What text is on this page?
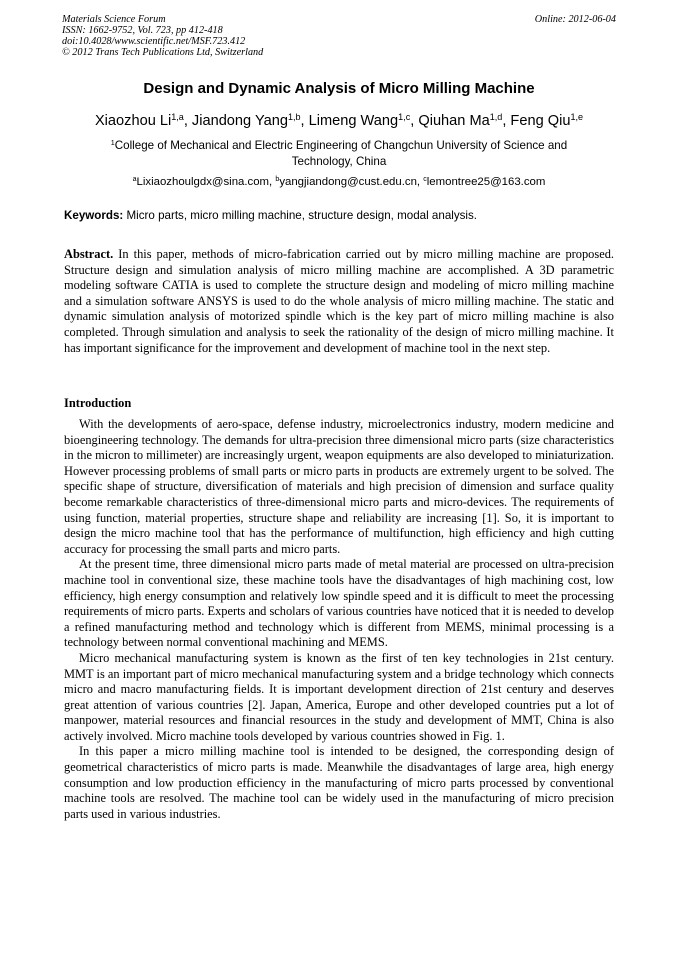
Materials Science Forum
ISSN: 1662-9752, Vol. 723, pp 412-418
doi:10.4028/www.scientific.net/MSF.723.412
© 2012 Trans Tech Publications Ltd, Switzerland
Online: 2012-06-04
Design and Dynamic Analysis of Micro Milling Machine
Xiaozhou Li$^{1,a}$, Jiandong Yang$^{1,b}$, Limeng Wang$^{1,c}$, Qiuhan Ma$^{1,d}$, Feng Qiu$^{1,e}$
$^1$College of Mechanical and Electric Engineering of Changchun University of Science and Technology, China
$^a$Lixiaozhoulgdx@sina.com, $^b$yangjiandong@cust.edu.cn, $^c$lemontree25@163.com
Keywords: Micro parts, micro milling machine, structure design, modal analysis.
Abstract. In this paper, methods of micro-fabrication carried out by micro milling machine are proposed. Structure design and simulation analysis of micro milling machine are accomplished. A 3D parametric modeling software CATIA is used to complete the structure design and modeling of micro milling machine and a simulation software ANSYS is used to do the whole analysis of micro milling machine. The static and dynamic simulation analysis of motorized spindle which is the key part of micro milling machine is also completed. Through simulation and analysis to seek the rationality of the design of micro milling machine. It has important significance for the improvement and development of machine tool in the next step.
Introduction

With the developments of aero-space, defense industry, microelectronics industry, modern medicine and bioengineering technology. The demands for ultra-precision three dimensional micro parts (size characteristics in the micron to millimeter) are increasingly urgent, weapon equipments are also developed to miniaturization. However processing problems of small parts or micro parts in products are extremely urgent to be solved. The specific shape of structure, diversification of materials and high precision of dimension and surface quality become remarkable characteristics of three-dimensional micro parts and micro-devices. The requirements of using function, material properties, structure shape and reliability are increasing [1]. So, it is important to design the micro machine tool that has the performance of multifunction, high efficiency and high cutting accuracy for processing the small parts and micro parts.

At the present time, three dimensional micro parts made of metal material are processed on ultra-precision machine tool in conventional size, these machine tools have the disadvantages of high machining cost, low efficiency, high energy consumption and relatively low spindle speed and it is difficult to meet the processing requirements of micro parts. Experts and scholars of various countries have noticed that it is needed to develop a refined manufacturing method and technology which is different from MEMS, minimal processing is a technology between normal conventional machining and MEMS.

Micro mechanical manufacturing system is known as the first of ten key technologies in 21st century. MMT is an important part of micro mechanical manufacturing system and a bridge technology which connects micro and macro manufacturing fields. It is important development direction of 21st century and deserves great attention of various countries [2]. Japan, America, Europe and other developed countries put a lot of manpower, material resources and financial resources in the study and development of MMT, China is also actively involved. Micro machine tools developed by various countries showed in Fig. 1.

In this paper a micro milling machine tool is intended to be designed, the corresponding design of geometrical characteristics of micro parts is made. Meanwhile the disadvantages of large area, high energy consumption and low production efficiency in the manufacturing of micro parts processed by conventional machine tools are resolved. The machine tool can be widely used in the manufacturing of micro precision parts used in various industries.
